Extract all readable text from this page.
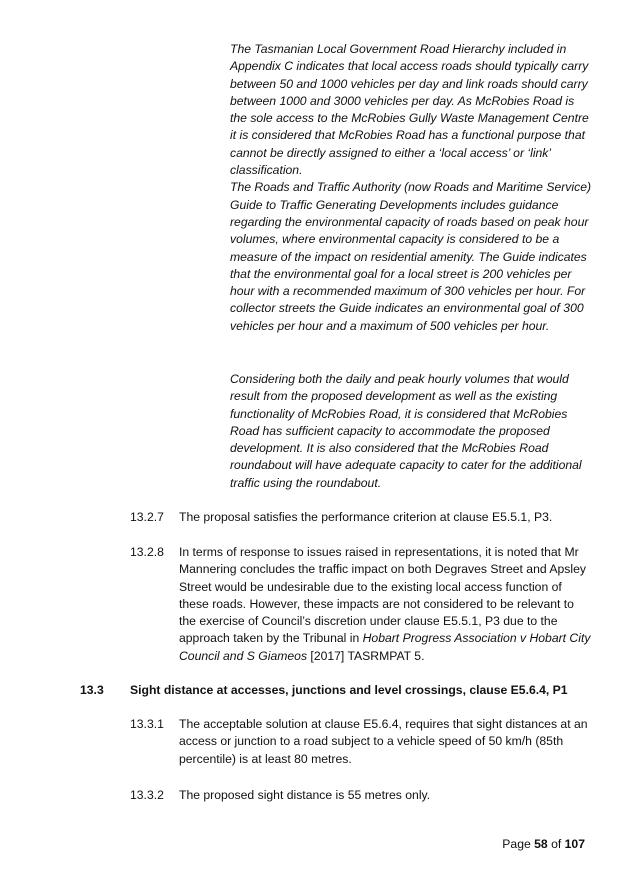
The Tasmanian Local Government Road Hierarchy included in Appendix C indicates that local access roads should typically carry between 50 and 1000 vehicles per day and link roads should carry between 1000 and 3000 vehicles per day. As McRobies Road is the sole access to the McRobies Gully Waste Management Centre it is considered that McRobies Road has a functional purpose that cannot be directly assigned to either a ‘local access’ or ‘link’ classification.
The Roads and Traffic Authority (now Roads and Maritime Service) Guide to Traffic Generating Developments includes guidance regarding the environmental capacity of roads based on peak hour volumes, where environmental capacity is considered to be a measure of the impact on residential amenity. The Guide indicates that the environmental goal for a local street is 200 vehicles per hour with a recommended maximum of 300 vehicles per hour. For collector streets the Guide indicates an environmental goal of 300 vehicles per hour and a maximum of 500 vehicles per hour.
Considering both the daily and peak hourly volumes that would result from the proposed development as well as the existing functionality of McRobies Road, it is considered that McRobies Road has sufficient capacity to accommodate the proposed development. It is also considered that the McRobies Road roundabout will have adequate capacity to cater for the additional traffic using the roundabout.
13.2.7 The proposal satisfies the performance criterion at clause E5.5.1, P3.

13.2.8 In terms of response to issues raised in representations, it is noted that Mr Mannering concludes the traffic impact on both Degraves Street and Apsley Street would be undesirable due to the existing local access function of these roads. However, these impacts are not considered to be relevant to the exercise of Council’s discretion under clause E5.5.1, P3 due to the approach taken by the Tribunal in Hobart Progress Association v Hobart City Council and S Giameos [2017] TASRMPAT 5.

13.3 Sight distance at accesses, junctions and level crossings, clause E5.6.4, P1

13.3.1 The acceptable solution at clause E5.6.4, requires that sight distances at an access or junction to a road subject to a vehicle speed of 50 km/h (85th percentile) is at least 80 metres.

13.3.2 The proposed sight distance is 55 metres only.

Page 58 of 107
